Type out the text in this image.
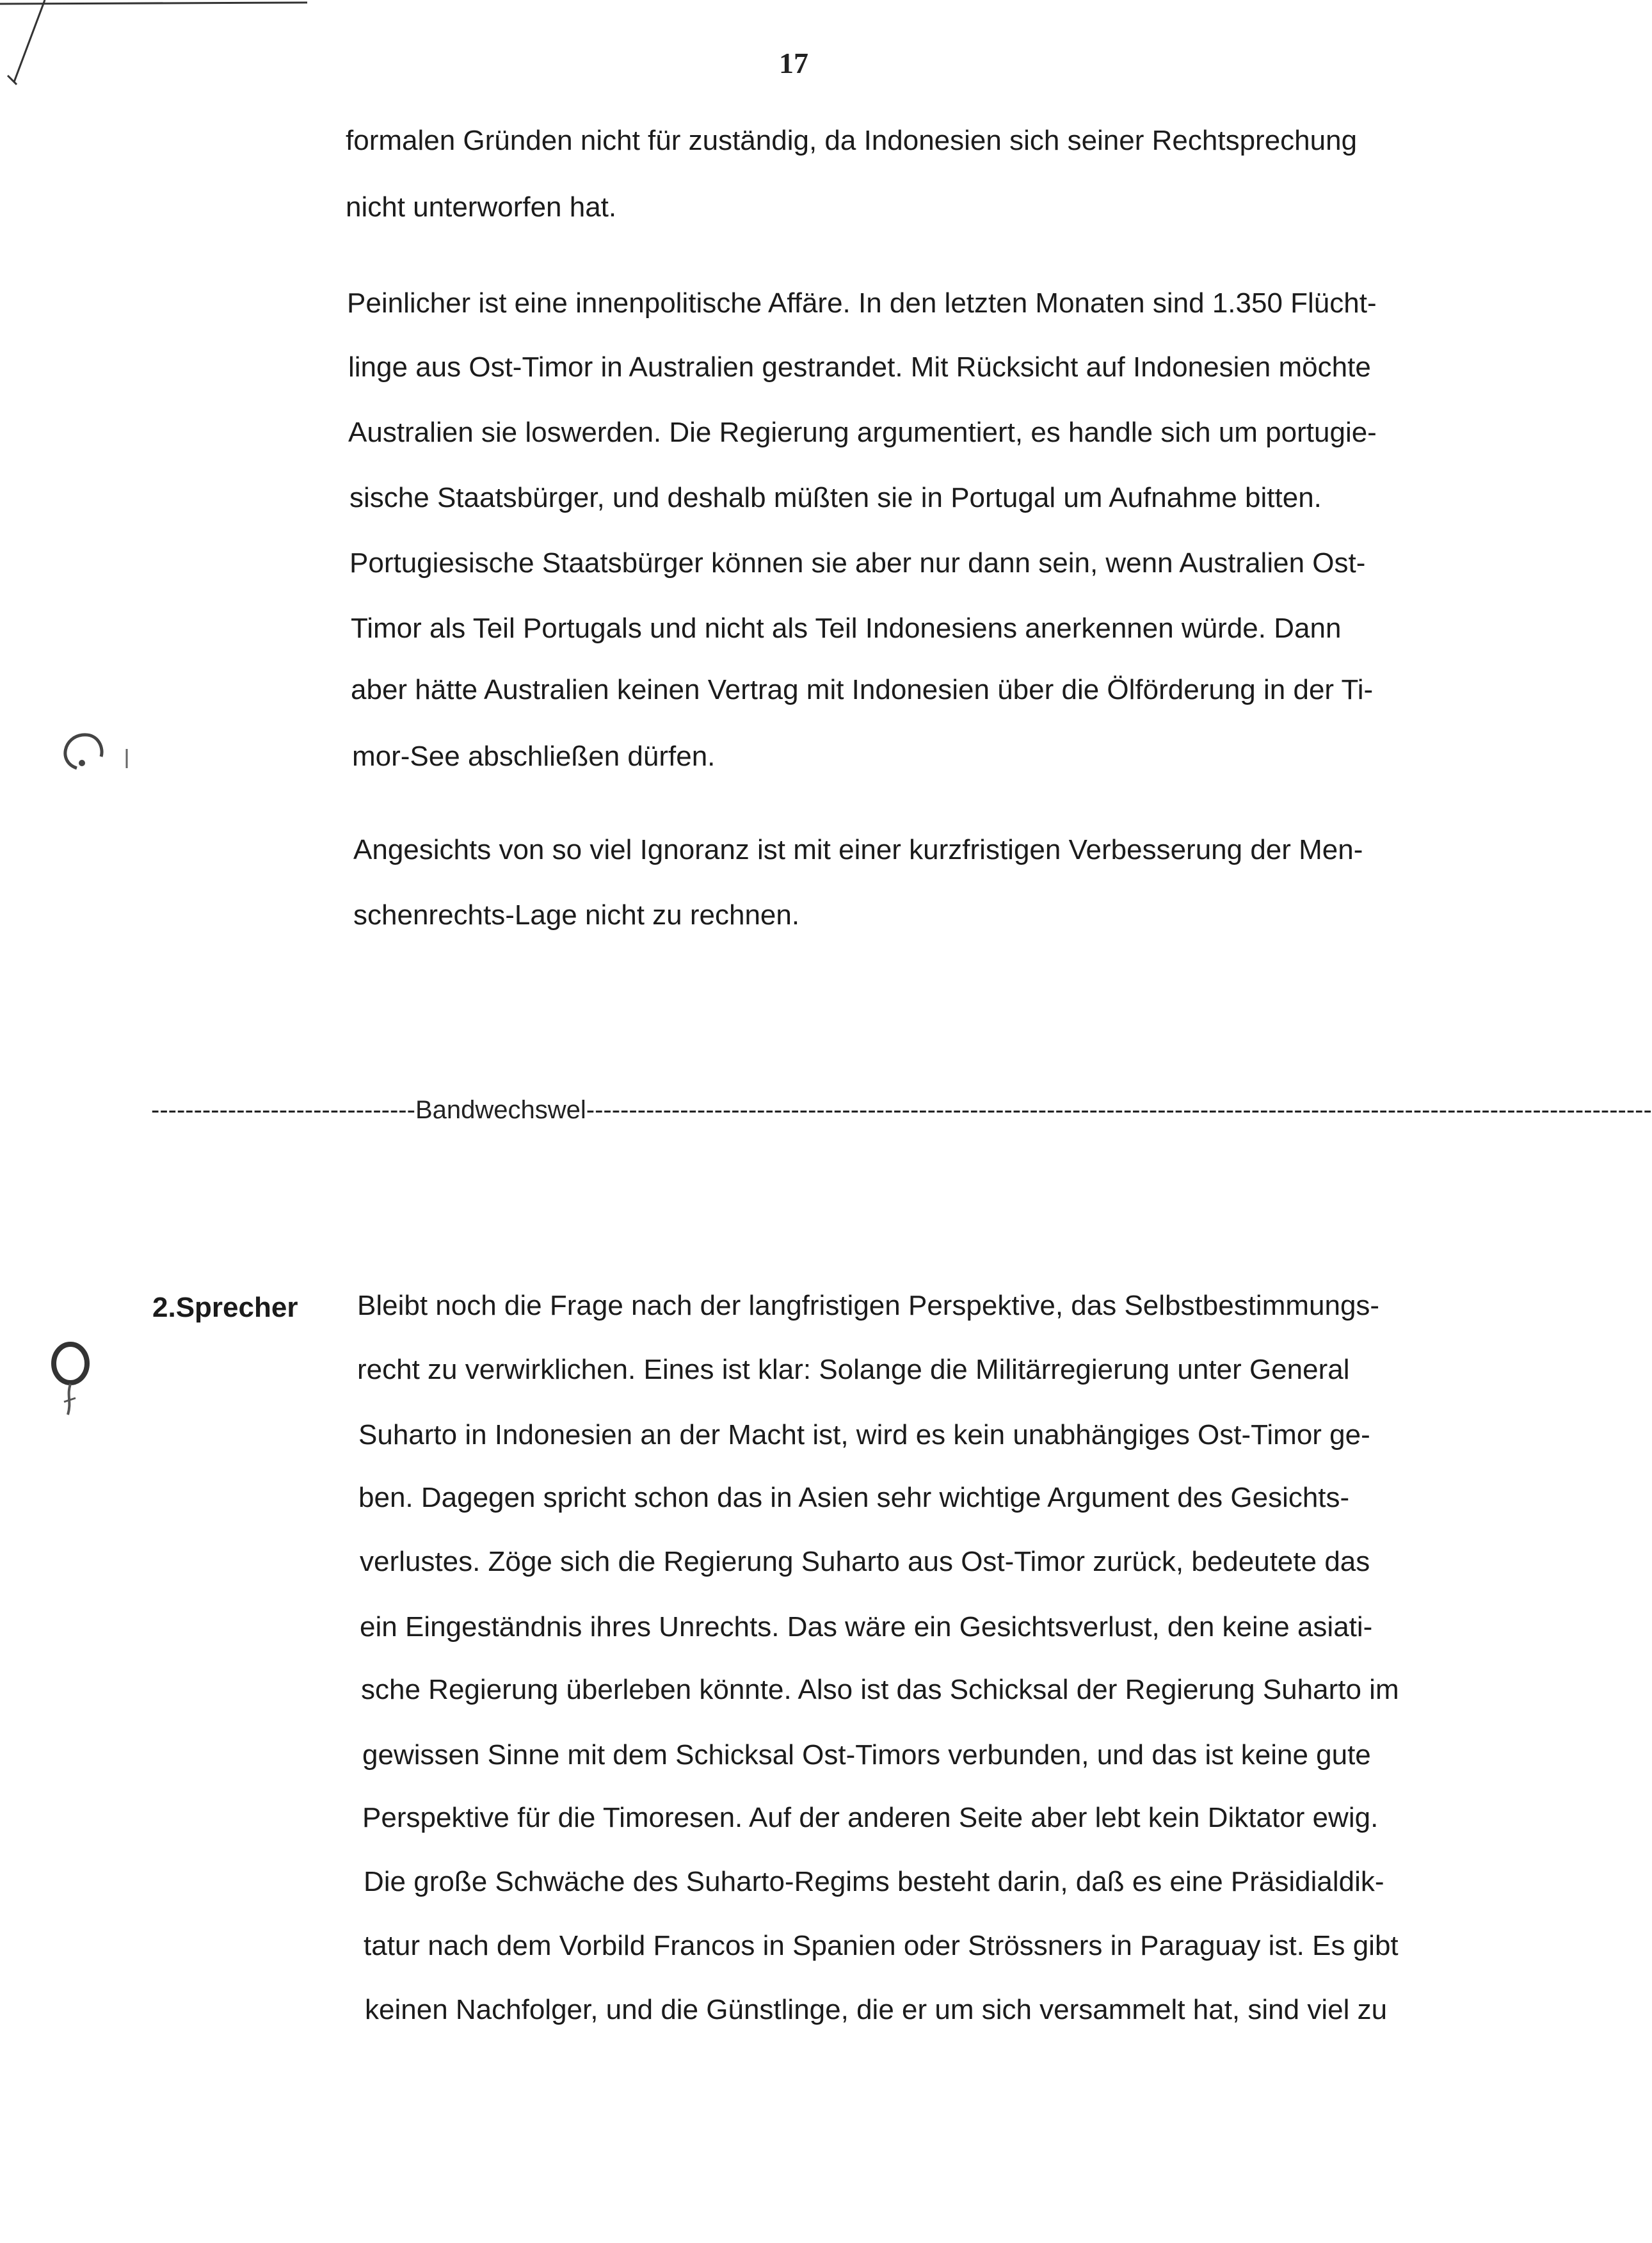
17
formalen Gründen nicht für zuständig, da Indonesien sich seiner Rechtsprechung
nicht unterworfen hat.
Peinlicher ist eine innenpolitische Affäre. In den letzten Monaten sind 1.350 Flücht-
linge aus Ost-Timor in Australien gestrandet. Mit Rücksicht auf Indonesien möchte
Australien sie loswerden. Die Regierung argumentiert, es handle sich um portugie-
sische Staatsbürger, und deshalb müßten sie in Portugal um Aufnahme bitten.
Portugiesische Staatsbürger können sie aber nur dann sein, wenn Australien Ost-
Timor als Teil Portugals und nicht als Teil Indonesiens anerkennen würde. Dann
aber hätte Australien keinen Vertrag mit Indonesien über die Ölförderung in der Ti-
mor-See abschließen dürfen.
Angesichts von so viel Ignoranz ist mit einer kurzfristigen Verbesserung der Men-
schenrechts-Lage nicht zu rechnen.
-------------------------------Bandwechswel-----------------------------------------------------------------------------------------------------------------------------
2.Sprecher Bleibt noch die Frage nach der langfristigen Perspektive, das Selbstbestimmungs-
recht zu verwirklichen. Eines ist klar: Solange die Militärregierung unter General
Suharto in Indonesien an der Macht ist, wird es kein unabhängiges Ost-Timor ge-
ben. Dagegen spricht schon das in Asien sehr wichtige Argument des Gesichts-
verlustes. Zöge sich die Regierung Suharto aus Ost-Timor zurück, bedeutete das
ein Eingeständnis ihres Unrechts. Das wäre ein Gesichtsverlust, den keine asiati-
sche Regierung überleben könnte. Also ist das Schicksal der Regierung Suharto im
gewissen Sinne mit dem Schicksal Ost-Timors verbunden, und das ist keine gute
Perspektive für die Timoresen. Auf der anderen Seite aber lebt kein Diktator ewig.
Die große Schwäche des Suharto-Regims besteht darin, daß es eine Präsidialdik-
tatur nach dem Vorbild Francos in Spanien oder Strössners in Paraguay ist. Es gibt
keinen Nachfolger, und die Günstlinge, die er um sich versammelt hat, sind viel zu
